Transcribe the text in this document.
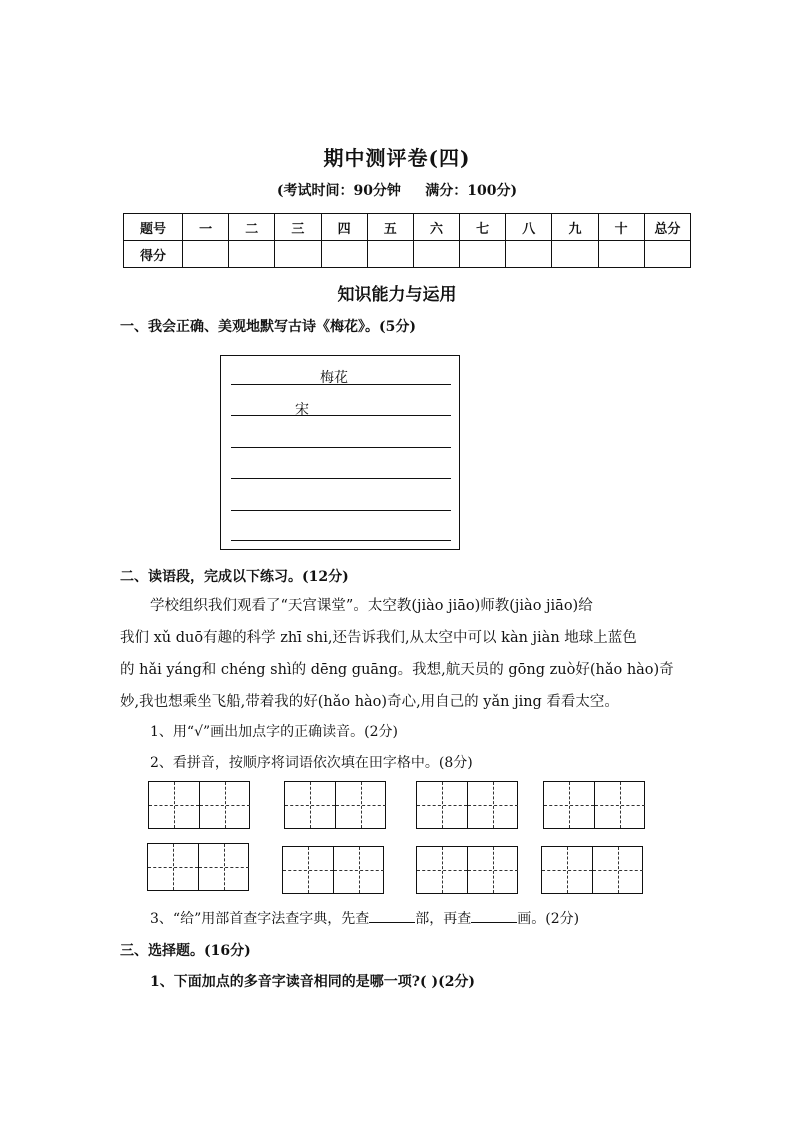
期中测评卷(四)
(考试时间：90分钟     满分：100分)
题号	一	二	三	四	五	六	七	八	九	十	总分
得分											
知识能力与运用
一、我会正确、美观地默写古诗《梅花》。(5分)
梅花
宋
二、读语段，完成以下练习。(12分)

学校组织我们观看了“天宫课堂”。太空教(jiào jiāo)师教(jiào jiāo)给

我们 xǔ duō有趣的科学 zhī shi,还告诉我们,从太空中可以 kàn jiàn 地球上蓝色

的 hǎi yáng和 chéng shì的 dēng guāng。我想,航天员的 gōng zuò好(hǎo hào)奇

妙,我也想乘坐飞船,带着我的好(hǎo hào)奇心,用自己的 yǎn jing 看看太空。

1、用“√”画出加点字的正确读音。(2分)
2、看拼音，按顺序将词语依次填在田字格中。(8分)
3、“给”用部首查字法查字典，先查	部，再查	画。(2分)
三、选择题。(16分)
1、下面加点的多音字读音相同的是哪一项?( )(2分)
